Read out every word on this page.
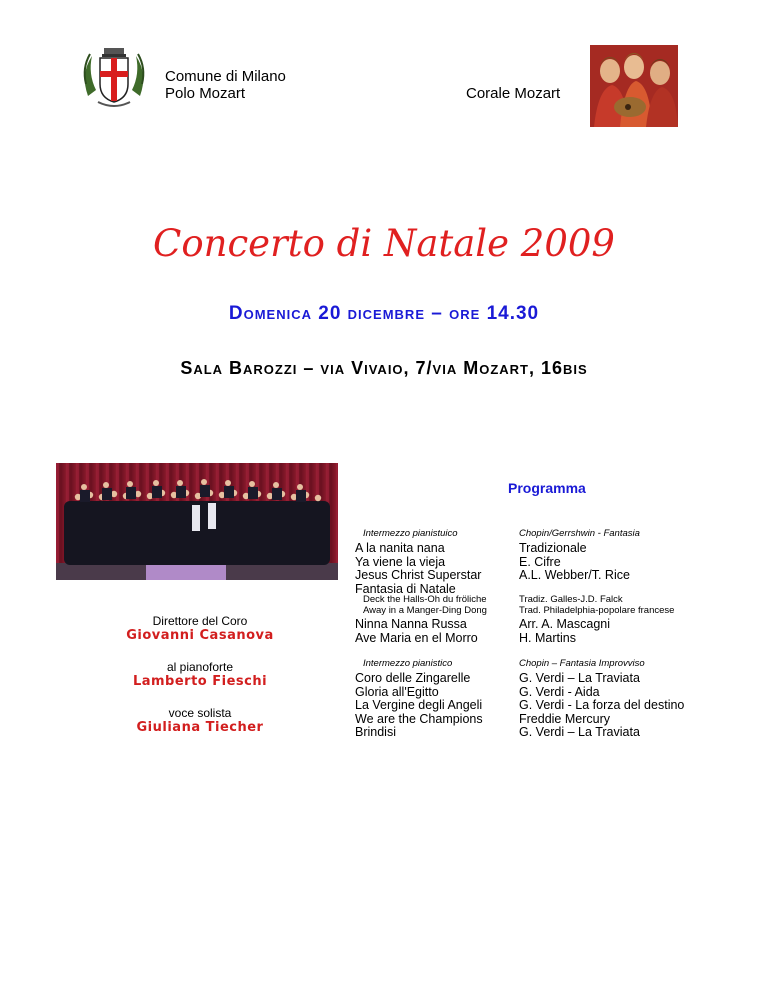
Comune di Milano
Polo Mozart	Corale Mozart
Concerto di Natale 2009
Domenica 20 dicembre – ore 14.30
Sala Barozzi – via Vivaio, 7/via Mozart, 16bis
Programma
Direttore del Coro
Giovanni Casanova
al pianoforte
Lamberto Fieschi
voce solista
Giuliana Tiecher
Intermezzo pianistuico
A la nanita nana
Ya viene la vieja
Jesus Christ Superstar
Fantasia di Natale
Chopin/Gerrshwin - Fantasia
Tradizionale
E. Cifre
A.L. Webber/T. Rice
Deck the Halls-Oh du fröliche
Away in a Manger-Ding Dong
Ninna Nanna Russa
Ave Maria en el Morro
Tradiz. Galles-J.D. Falck
Trad. Philadelphia-popolare francese
Arr. A. Mascagni
H. Martins
Intermezzo pianistico
Coro delle Zingarelle
Gloria all'Egitto
La Vergine degli Angeli
We are the Champions
Brindisi
Chopin – Fantasia Improvviso
G. Verdi – La Traviata
G. Verdi - Aida
G. Verdi - La forza del destino
Freddie Mercury
G. Verdi – La Traviata
